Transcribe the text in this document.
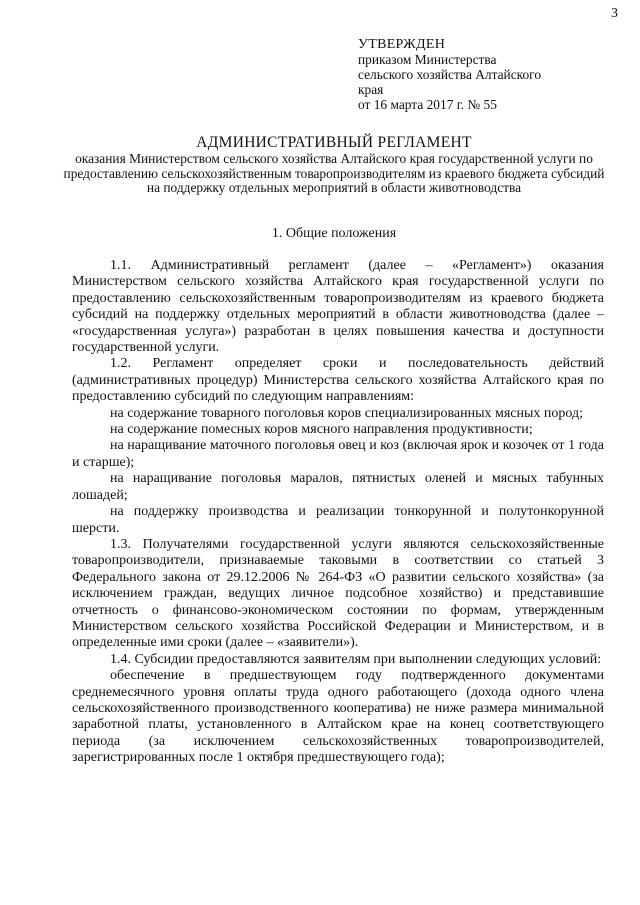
3
УТВЕРЖДЕН
приказом Министерства
сельского хозяйства Алтайского
края
от 16 марта 2017 г. № 55
АДМИНИСТРАТИВНЫЙ РЕГЛАМЕНТ
оказания Министерством сельского хозяйства Алтайского края государственной услуги по предоставлению сельскохозяйственным товаропроизводителям из краевого бюджета субсидий на поддержку отдельных мероприятий в области животноводства
1. Общие положения

1.1. Административный регламент (далее – «Регламент») оказания Министерством сельского хозяйства Алтайского края государственной услуги по предоставлению сельскохозяйственным товаропроизводителям из краевого бюджета субсидий на поддержку отдельных мероприятий в области животноводства (далее – «государственная услуга») разработан в целях повышения качества и доступности государственной услуги.

1.2. Регламент определяет сроки и последовательность действий (административных процедур) Министерства сельского хозяйства Алтайского края по предоставлению субсидий по следующим направлениям:

на содержание товарного поголовья коров специализированных мясных пород;

на содержание помесных коров мясного направления продуктивности;

на наращивание маточного поголовья овец и коз (включая ярок и козочек от 1 года и старше);

на наращивание поголовья маралов, пятнистых оленей и мясных табунных лошадей;

на поддержку производства и реализации тонкорунной и полутонкорунной шерсти.

1.3. Получателями государственной услуги являются сельскохозяйственные товаропроизводители, признаваемые таковыми в соответствии со статьей 3 Федерального закона от 29.12.2006 № 264-ФЗ «О развитии сельского хозяйства» (за исключением граждан, ведущих личное подсобное хозяйство) и представившие отчетность о финансово-экономическом состоянии по формам, утвержденным Министерством сельского хозяйства Российской Федерации и Министерством, и в определенные ими сроки (далее – «заявители»).

1.4. Субсидии предоставляются заявителям при выполнении следующих условий:

обеспечение в предшествующем году подтвержденного документами среднемесячного уровня оплаты труда одного работающего (дохода одного члена сельскохозяйственного производственного кооператива) не ниже размера минимальной заработной платы, установленного в Алтайском крае на конец соответствующего периода (за исключением сельскохозяйственных товаропроизводителей, зарегистрированных после 1 октября предшествующего года);
